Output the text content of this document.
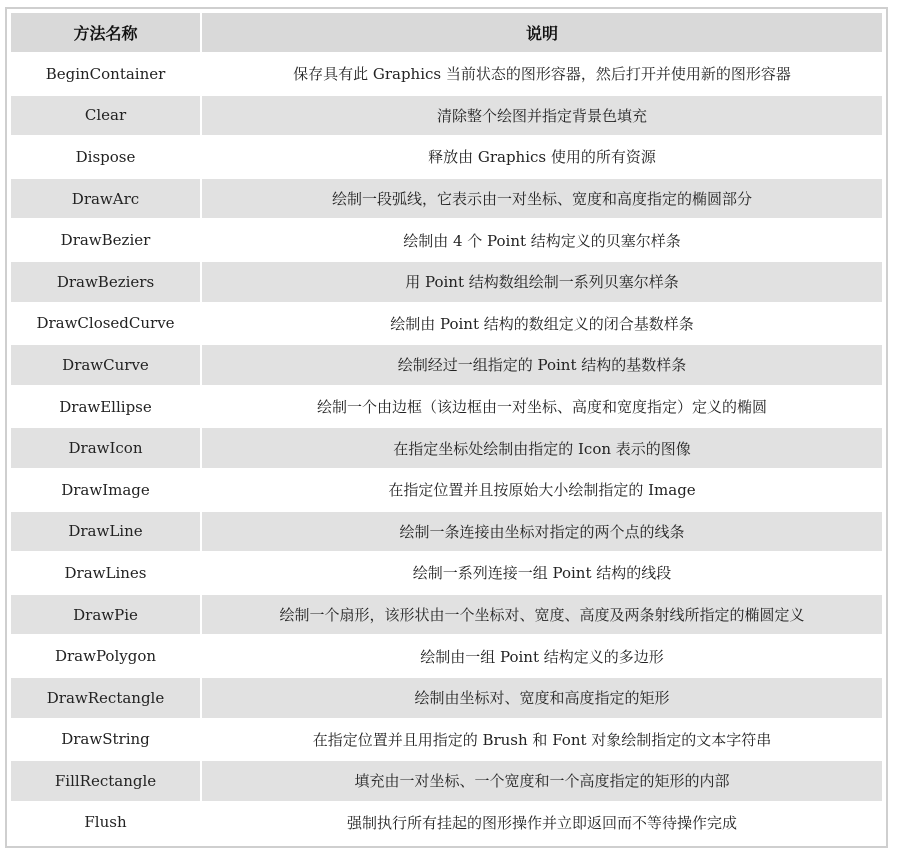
方法名称	说明
BeginContainer	保存具有此 Graphics 当前状态的图形容器，然后打开并使用新的图形容器
Clear	清除整个绘图并指定背景色填充
Dispose	释放由 Graphics 使用的所有资源
DrawArc	绘制一段弧线，它表示由一对坐标、宽度和高度指定的椭圆部分
DrawBezier	绘制由 4 个 Point 结构定义的贝塞尔样条
DrawBeziers	用 Point 结构数组绘制一系列贝塞尔样条
DrawClosedCurve	绘制由 Point 结构的数组定义的闭合基数样条
DrawCurve	绘制经过一组指定的 Point 结构的基数样条
DrawEllipse	绘制一个由边框（该边框由一对坐标、高度和宽度指定）定义的椭圆
DrawIcon	在指定坐标处绘制由指定的 Icon 表示的图像
DrawImage	在指定位置并且按原始大小绘制指定的 Image
DrawLine	绘制一条连接由坐标对指定的两个点的线条
DrawLines	绘制一系列连接一组 Point 结构的线段
DrawPie	绘制一个扇形，该形状由一个坐标对、宽度、高度及两条射线所指定的椭圆定义
DrawPolygon	绘制由一组 Point 结构定义的多边形
DrawRectangle	绘制由坐标对、宽度和高度指定的矩形
DrawString	在指定位置并且用指定的 Brush 和 Font 对象绘制指定的文本字符串
FillRectangle	填充由一对坐标、一个宽度和一个高度指定的矩形的内部
Flush	强制执行所有挂起的图形操作并立即返回而不等待操作完成
